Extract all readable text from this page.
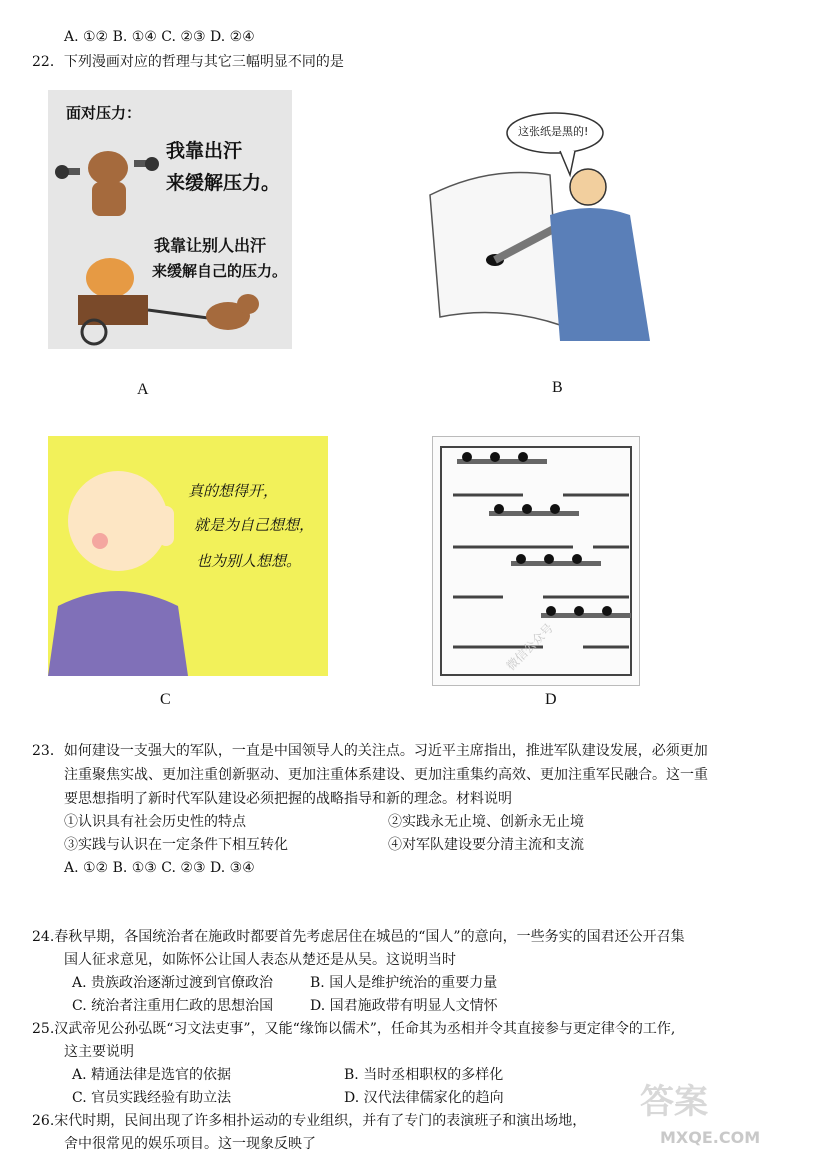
A. ①② B. ①④ C. ②③ D. ②④
22．下列漫画对应的哲理与其它三幅明显不同的是
面对压力：
我靠出汗
来缓解压力。
我靠让别人出汗
来缓解自己的压力。
A
这张纸是黑的!
B
真的想得开，
就是为自己想想，
也为别人想想。
C	D
23．如何建设一支强大的军队，一直是中国领导人的关注点。习近平主席指出，推进军队建设发展，必须更加
注重聚焦实战、更加注重创新驱动、更加注重体系建设、更加注重集约高效、更加注重军民融合。这一重
要思想指明了新时代军队建设必须把握的战略指导和新的理念。材料说明
①认识具有社会历史性的特点	②实践永无止境、创新永无止境
③实践与认识在一定条件下相互转化	④对军队建设要分清主流和支流
A. ①② B. ①③ C. ②③ D. ③④
24.春秋早期，各国统治者在施政时都要首先考虑居住在城邑的“国人”的意向，一些务实的国君还公开召集
国人征求意见，如陈怀公让国人表态从楚还是从吴。这说明当时
A. 贵族政治逐渐过渡到官僚政治	B. 国人是维护统治的重要力量
C. 统治者注重用仁政的思想治国	D. 国君施政带有明显人文情怀
25.汉武帝见公孙弘既“习文法吏事”，又能“缘饰以儒术”，任命其为丞相并令其直接参与更定律令的工作,
这主要说明
A. 精通法律是选官的依据	B. 当时丞相职权的多样化
C. 官员实践经验有助立法	D. 汉代法律儒家化的趋向
26.宋代时期，民间出现了许多相扑运动的专业组织，并有了专门的表演班子和演出场地，
舍中很常见的娱乐项目。这一现象反映了
微信公众号
MXQE.COM
答案
